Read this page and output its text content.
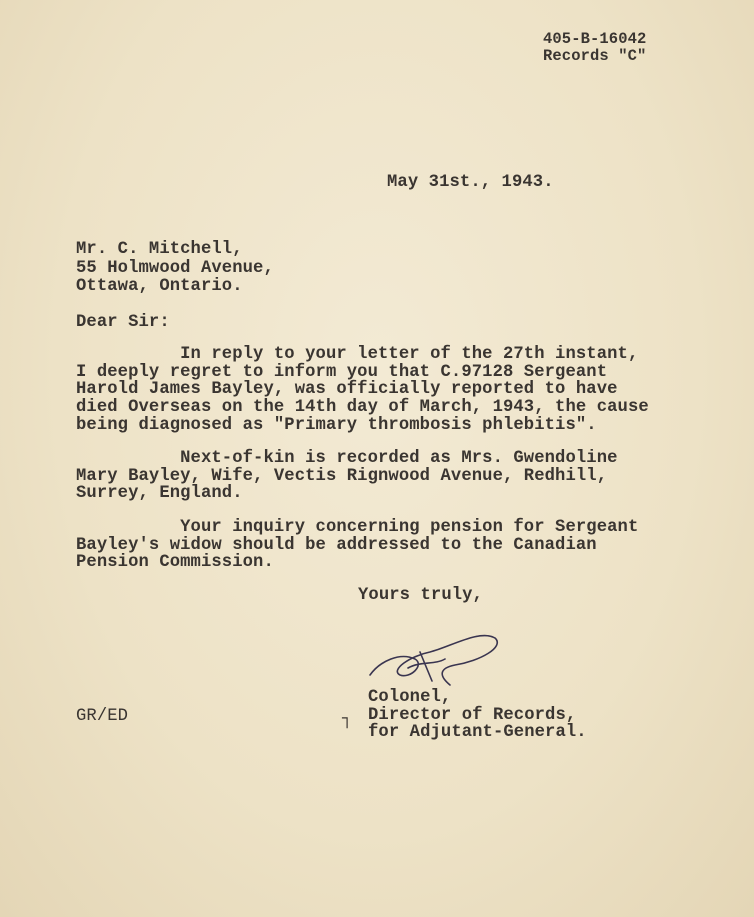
405-B-16042
Records "C"
May 31st., 1943.
Mr. C. Mitchell,
55 Holmwood Avenue,
Ottawa, Ontario.
Dear Sir:
In reply to your letter of the 27th instant,
I deeply regret to inform you that C.97128 Sergeant
Harold James Bayley, was officially reported to have
died Overseas on the 14th day of March, 1943, the cause
being diagnosed as "Primary thrombosis phlebitis".
Next-of-kin is recorded as Mrs. Gwendoline
Mary Bayley, Wife, Vectis Rignwood Avenue, Redhill,
Surrey, England.
Your inquiry concerning pension for Sergeant
Bayley's widow should be addressed to the Canadian
Pension Commission.
Yours truly,
Colonel,
Director of Records,
for Adjutant-General.
┐
GR/ED
